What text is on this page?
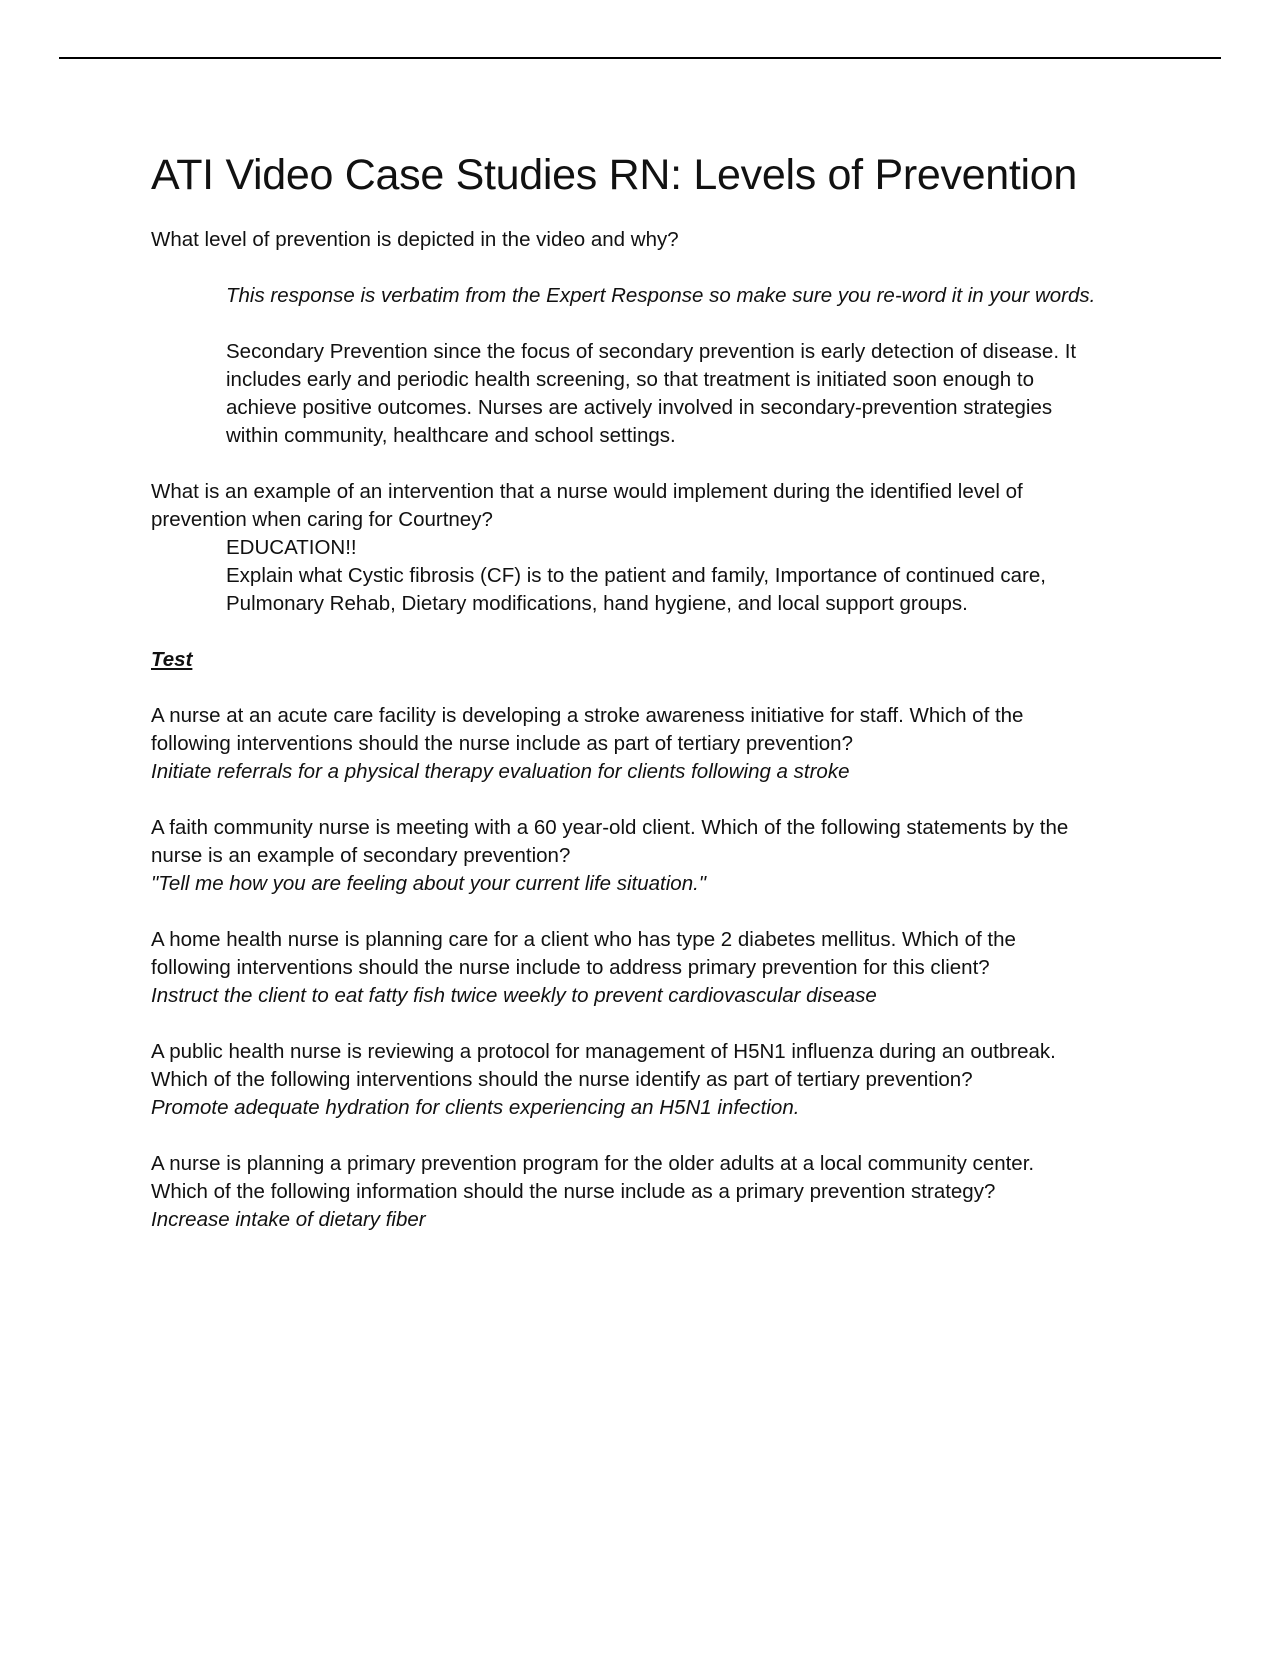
ATI Video Case Studies RN: Levels of Prevention

What level of prevention is depicted in the video and why?

This response is verbatim from the Expert Response so make sure you re-word it in your words.

Secondary Prevention since the focus of secondary prevention is early detection of disease. It

includes early and periodic health screening, so that treatment is initiated soon enough to

achieve positive outcomes. Nurses are actively involved in secondary-prevention strategies

within community, healthcare and school settings.

What is an example of an intervention that a nurse would implement during the identified level of

prevention when caring for Courtney?

EDUCATION!!

Explain what Cystic fibrosis (CF) is to the patient and family, Importance of continued care,

Pulmonary Rehab, Dietary modifications, hand hygiene, and local support groups.

Test

A nurse at an acute care facility is developing a stroke awareness initiative for staff. Which of the

following interventions should the nurse include as part of tertiary prevention?

Initiate referrals for a physical therapy evaluation for clients following a stroke

A faith community nurse is meeting with a 60 year-old client. Which of the following statements by the

nurse is an example of secondary prevention?

"Tell me how you are feeling about your current life situation."

A home health nurse is planning care for a client who has type 2 diabetes mellitus. Which of the

following interventions should the nurse include to address primary prevention for this client?

Instruct the client to eat fatty fish twice weekly to prevent cardiovascular disease

A public health nurse is reviewing a protocol for management of H5N1 influenza during an outbreak.

Which of the following interventions should the nurse identify as part of tertiary prevention?

Promote adequate hydration for clients experiencing an H5N1 infection.

A nurse is planning a primary prevention program for the older adults at a local community center.

Which of the following information should the nurse include as a primary prevention strategy?

Increase intake of dietary fiber
